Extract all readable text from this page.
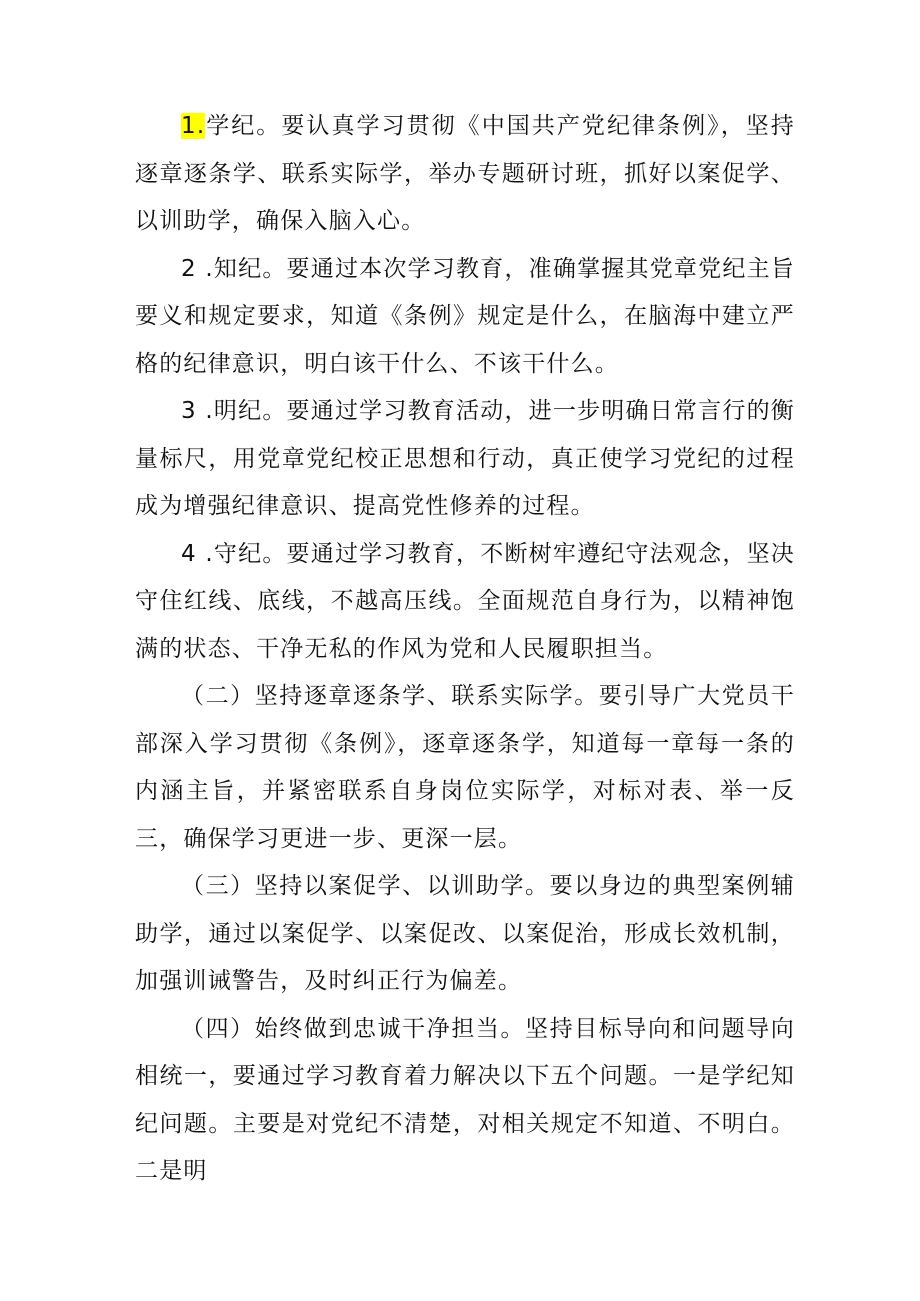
1.学纪。要认真学习贯彻《中国共产党纪律条例》，坚持逐章逐条学、联系实际学，举办专题研讨班，抓好以案促学、以训助学，确保入脑入心。

2 .知纪。要通过本次学习教育，准确掌握其党章党纪主旨要义和规定要求，知道《条例》规定是什么，在脑海中建立严格的纪律意识，明白该干什么、不该干什么。

3 .明纪。要通过学习教育活动，进一步明确日常言行的衡量标尺，用党章党纪校正思想和行动，真正使学习党纪的过程成为增强纪律意识、提高党性修养的过程。

4 .守纪。要通过学习教育，不断树牢遵纪守法观念，坚决守住红线、底线，不越高压线。全面规范自身行为，以精神饱满的状态、干净无私的作风为党和人民履职担当。

（二）坚持逐章逐条学、联系实际学。要引导广大党员干部深入学习贯彻《条例》，逐章逐条学，知道每一章每一条的内涵主旨，并紧密联系自身岗位实际学，对标对表、举一反三，确保学习更进一步、更深一层。

（三）坚持以案促学、以训助学。要以身边的典型案例辅助学，通过以案促学、以案促改、以案促治，形成长效机制，加强训诫警告，及时纠正行为偏差。

（四）始终做到忠诚干净担当。坚持目标导向和问题导向相统一，要通过学习教育着力解决以下五个问题。一是学纪知纪问题。主要是对党纪不清楚，对相关规定不知道、不明白。二是明
